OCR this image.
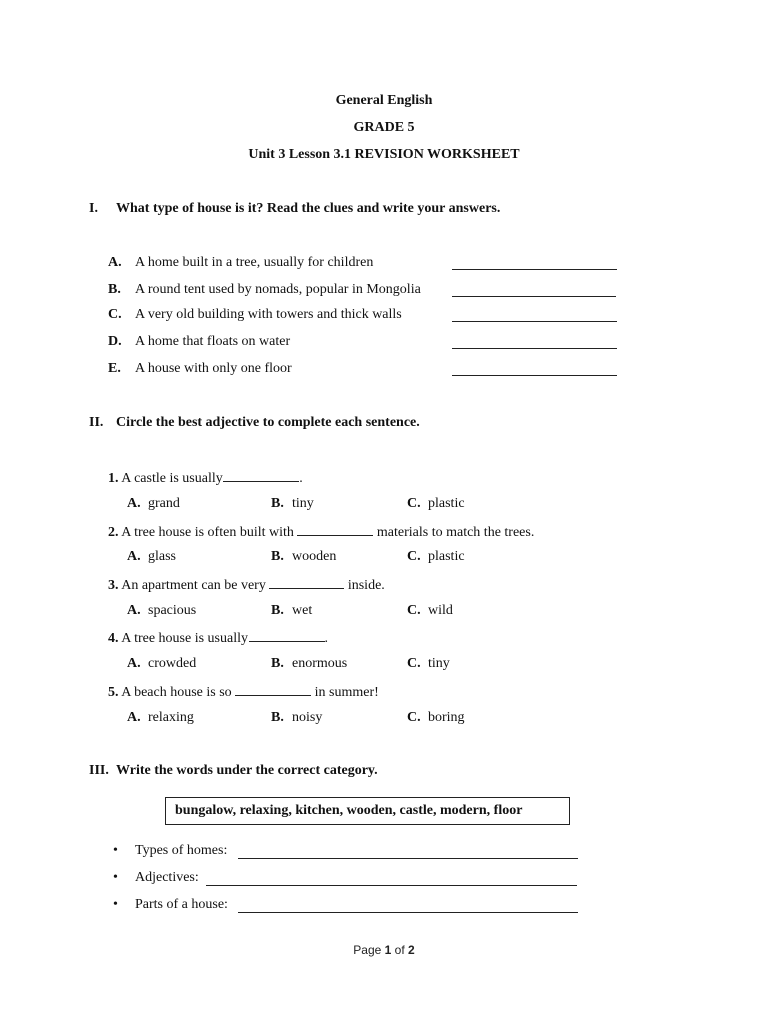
General English
GRADE 5
Unit 3 Lesson 3.1 REVISION WORKSHEET
I. What type of house is it? Read the clues and write your answers.
A. A home built in a tree, usually for children
B. A round tent used by nomads, popular in Mongolia
C. A very old building with towers and thick walls
D. A home that floats on water
E. A house with only one floor
II. Circle the best adjective to complete each sentence.
1. A castle is usually	.
A. grand	B. tiny	C. plastic
2. A tree house is often built with	materials to match the trees.
A. glass	B. wooden	C. plastic
3. An apartment can be very	inside.
A. spacious	B. wet	C. wild
4. A tree house is usually	.
A. crowded	B. enormous	C. tiny
5. A beach house is so	in summer!
A. relaxing	B. noisy	C. boring
III. Write the words under the correct category.
bungalow, relaxing, kitchen, wooden, castle, modern, floor
• Types of homes:
• Adjectives:
• Parts of a house:
Page 1 of 2
